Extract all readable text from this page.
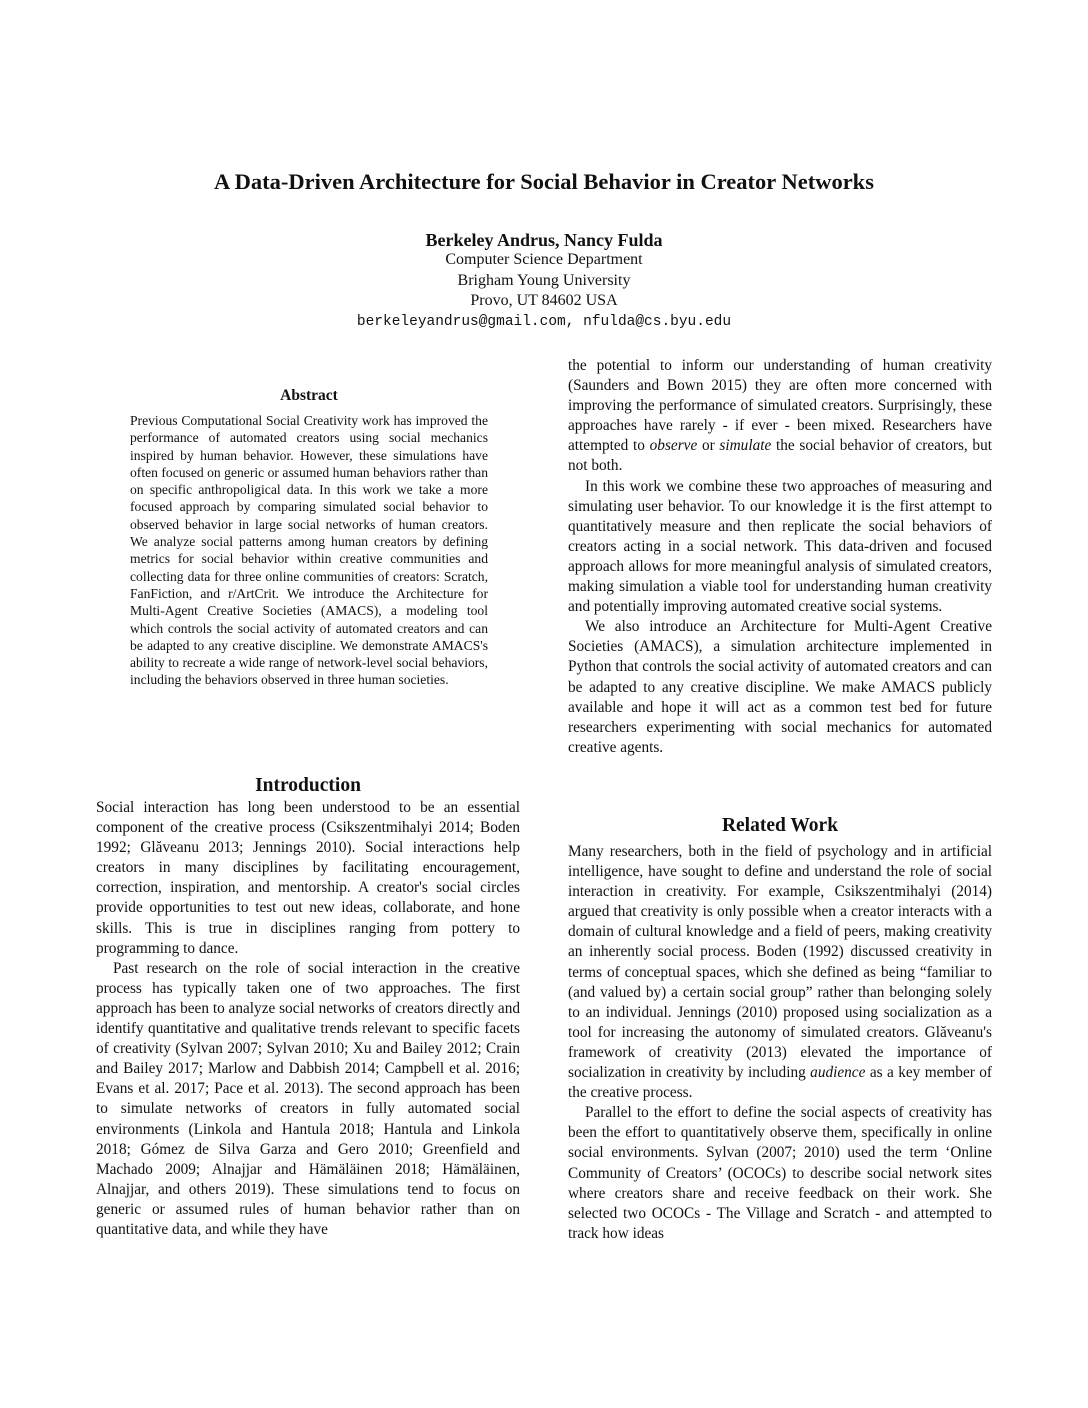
A Data-Driven Architecture for Social Behavior in Creator Networks
Berkeley Andrus, Nancy Fulda
Computer Science Department
Brigham Young University
Provo, UT 84602 USA
berkeleyandrus@gmail.com, nfulda@cs.byu.edu
Abstract

Previous Computational Social Creativity work has improved the performance of automated creators using social mechanics inspired by human behavior. However, these simulations have often focused on generic or assumed human behaviors rather than on specific anthropoligical data. In this work we take a more focused approach by comparing simulated social behavior to observed behavior in large social networks of human creators. We analyze social patterns among human creators by defining metrics for social behavior within creative communities and collecting data for three online communities of creators: Scratch, FanFiction, and r/ArtCrit. We introduce the Architecture for Multi-Agent Creative Societies (AMACS), a modeling tool which controls the social activity of automated creators and can be adapted to any creative discipline. We demonstrate AMACS's ability to recreate a wide range of network-level social behaviors, including the behaviors observed in three human societies.

Introduction

Social interaction has long been understood to be an essential component of the creative process (Csikszentmihalyi 2014; Boden 1992; Glăveanu 2013; Jennings 2010). Social interactions help creators in many disciplines by facilitating encouragement, correction, inspiration, and mentorship. A creator's social circles provide opportunities to test out new ideas, collaborate, and hone skills. This is true in disciplines ranging from pottery to programming to dance.

Past research on the role of social interaction in the creative process has typically taken one of two approaches. The first approach has been to analyze social networks of creators directly and identify quantitative and qualitative trends relevant to specific facets of creativity (Sylvan 2007; Sylvan 2010; Xu and Bailey 2012; Crain and Bailey 2017; Marlow and Dabbish 2014; Campbell et al. 2016; Evans et al. 2017; Pace et al. 2013). The second approach has been to simulate networks of creators in fully automated social environments (Linkola and Hantula 2018; Hantula and Linkola 2018; Gómez de Silva Garza and Gero 2010; Greenfield and Machado 2009; Alnajjar and Hämäläinen 2018; Hämäläinen, Alnajjar, and others 2019). These simulations tend to focus on generic or assumed rules of human behavior rather than on quantitative data, and while they have

the potential to inform our understanding of human creativity (Saunders and Bown 2015) they are often more concerned with improving the performance of simulated creators. Surprisingly, these approaches have rarely - if ever - been mixed. Researchers have attempted to observe or simulate the social behavior of creators, but not both.

In this work we combine these two approaches of measuring and simulating user behavior. To our knowledge it is the first attempt to quantitatively measure and then replicate the social behaviors of creators acting in a social network. This data-driven and focused approach allows for more meaningful analysis of simulated creators, making simulation a viable tool for understanding human creativity and potentially improving automated creative social systems.

We also introduce an Architecture for Multi-Agent Creative Societies (AMACS), a simulation architecture implemented in Python that controls the social activity of automated creators and can be adapted to any creative discipline. We make AMACS publicly available and hope it will act as a common test bed for future researchers experimenting with social mechanics for automated creative agents.

Related Work

Many researchers, both in the field of psychology and in artificial intelligence, have sought to define and understand the role of social interaction in creativity. For example, Csikszentmihalyi (2014) argued that creativity is only possible when a creator interacts with a domain of cultural knowledge and a field of peers, making creativity an inherently social process. Boden (1992) discussed creativity in terms of conceptual spaces, which she defined as being “familiar to (and valued by) a certain social group” rather than belonging solely to an individual. Jennings (2010) proposed using socialization as a tool for increasing the autonomy of simulated creators. Glăveanu's framework of creativity (2013) elevated the importance of socialization in creativity by including audience as a key member of the creative process.

Parallel to the effort to define the social aspects of creativity has been the effort to quantitatively observe them, specifically in online social environments. Sylvan (2007; 2010) used the term ‘Online Community of Creators’ (OCOCs) to describe social network sites where creators share and receive feedback on their work. She selected two OCOCs - The Village and Scratch - and attempted to track how ideas
